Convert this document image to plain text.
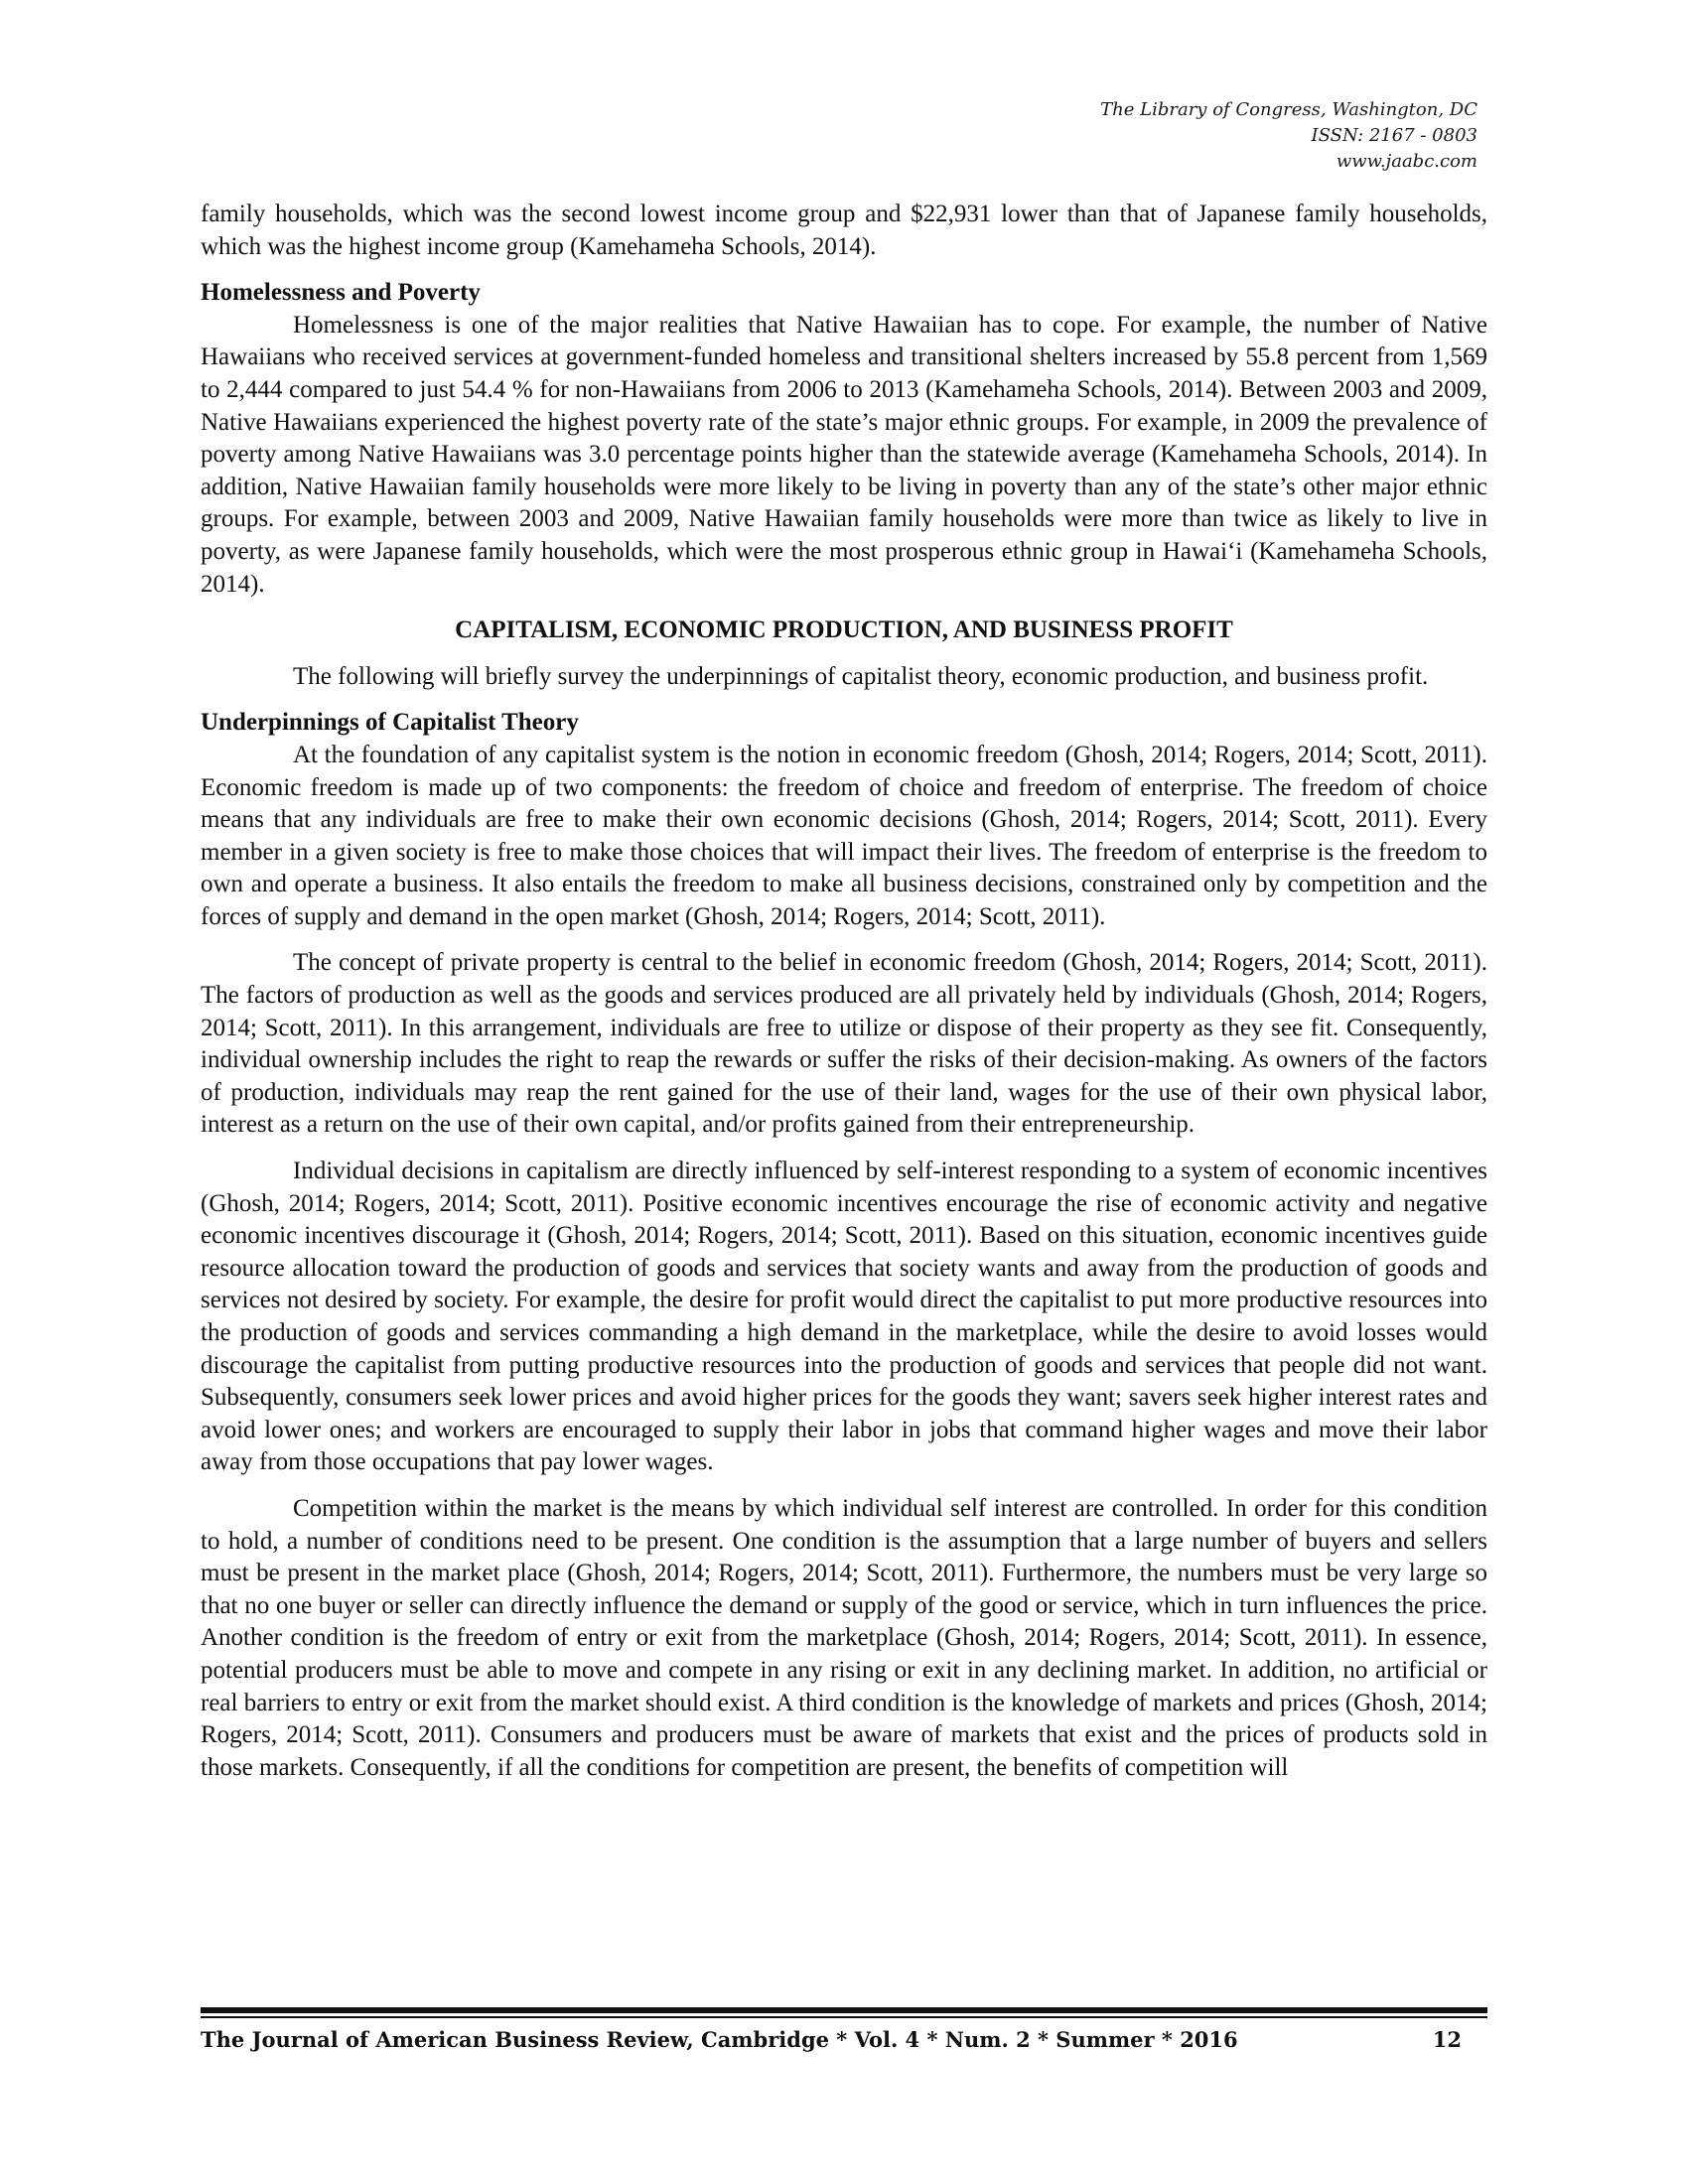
The Library of Congress, Washington, DC
ISSN: 2167 - 0803
www.jaabc.com

family households, which was the second lowest income group and $22,931 lower than that of Japanese family households, which was the highest income group (Kamehameha Schools, 2014).

Homelessness and Poverty

Homelessness is one of the major realities that Native Hawaiian has to cope. For example, the number of Native Hawaiians who received services at government-funded homeless and transitional shelters increased by 55.8 percent from 1,569 to 2,444 compared to just 54.4 % for non-Hawaiians from 2006 to 2013 (Kamehameha Schools, 2014). Between 2003 and 2009, Native Hawaiians experienced the highest poverty rate of the state’s major ethnic groups. For example, in 2009 the prevalence of poverty among Native Hawaiians was 3.0 percentage points higher than the statewide average (Kamehameha Schools, 2014). In addition, Native Hawaiian family households were more likely to be living in poverty than any of the state’s other major ethnic groups. For example, between 2003 and 2009, Native Hawaiian family households were more than twice as likely to live in poverty, as were Japanese family households, which were the most prosperous ethnic group in Hawai‘i (Kamehameha Schools, 2014).

CAPITALISM, ECONOMIC PRODUCTION, AND BUSINESS PROFIT

The following will briefly survey the underpinnings of capitalist theory, economic production, and business profit.

Underpinnings of Capitalist Theory

At the foundation of any capitalist system is the notion in economic freedom (Ghosh, 2014; Rogers, 2014; Scott, 2011). Economic freedom is made up of two components: the freedom of choice and freedom of enterprise. The freedom of choice means that any individuals are free to make their own economic decisions (Ghosh, 2014; Rogers, 2014; Scott, 2011). Every member in a given society is free to make those choices that will impact their lives. The freedom of enterprise is the freedom to own and operate a business. It also entails the freedom to make all business decisions, constrained only by competition and the forces of supply and demand in the open market (Ghosh, 2014; Rogers, 2014; Scott, 2011).

The concept of private property is central to the belief in economic freedom (Ghosh, 2014; Rogers, 2014; Scott, 2011). The factors of production as well as the goods and services produced are all privately held by individuals (Ghosh, 2014; Rogers, 2014; Scott, 2011). In this arrangement, individuals are free to utilize or dispose of their property as they see fit. Consequently, individual ownership includes the right to reap the rewards or suffer the risks of their decision-making. As owners of the factors of production, individuals may reap the rent gained for the use of their land, wages for the use of their own physical labor, interest as a return on the use of their own capital, and/or profits gained from their entrepreneurship.

Individual decisions in capitalism are directly influenced by self-interest responding to a system of economic incentives (Ghosh, 2014; Rogers, 2014; Scott, 2011). Positive economic incentives encourage the rise of economic activity and negative economic incentives discourage it (Ghosh, 2014; Rogers, 2014; Scott, 2011). Based on this situation, economic incentives guide resource allocation toward the production of goods and services that society wants and away from the production of goods and services not desired by society. For example, the desire for profit would direct the capitalist to put more productive resources into the production of goods and services commanding a high demand in the marketplace, while the desire to avoid losses would discourage the capitalist from putting productive resources into the production of goods and services that people did not want. Subsequently, consumers seek lower prices and avoid higher prices for the goods they want; savers seek higher interest rates and avoid lower ones; and workers are encouraged to supply their labor in jobs that command higher wages and move their labor away from those occupations that pay lower wages.

Competition within the market is the means by which individual self interest are controlled. In order for this condition to hold, a number of conditions need to be present. One condition is the assumption that a large number of buyers and sellers must be present in the market place (Ghosh, 2014; Rogers, 2014; Scott, 2011). Furthermore, the numbers must be very large so that no one buyer or seller can directly influence the demand or supply of the good or service, which in turn influences the price. Another condition is the freedom of entry or exit from the marketplace (Ghosh, 2014; Rogers, 2014; Scott, 2011). In essence, potential producers must be able to move and compete in any rising or exit in any declining market. In addition, no artificial or real barriers to entry or exit from the market should exist. A third condition is the knowledge of markets and prices (Ghosh, 2014; Rogers, 2014; Scott, 2011). Consumers and producers must be aware of markets that exist and the prices of products sold in those markets. Consequently, if all the conditions for competition are present, the benefits of competition will

The Journal of American Business Review, Cambridge * Vol. 4 * Num. 2 * Summer * 2016	12
